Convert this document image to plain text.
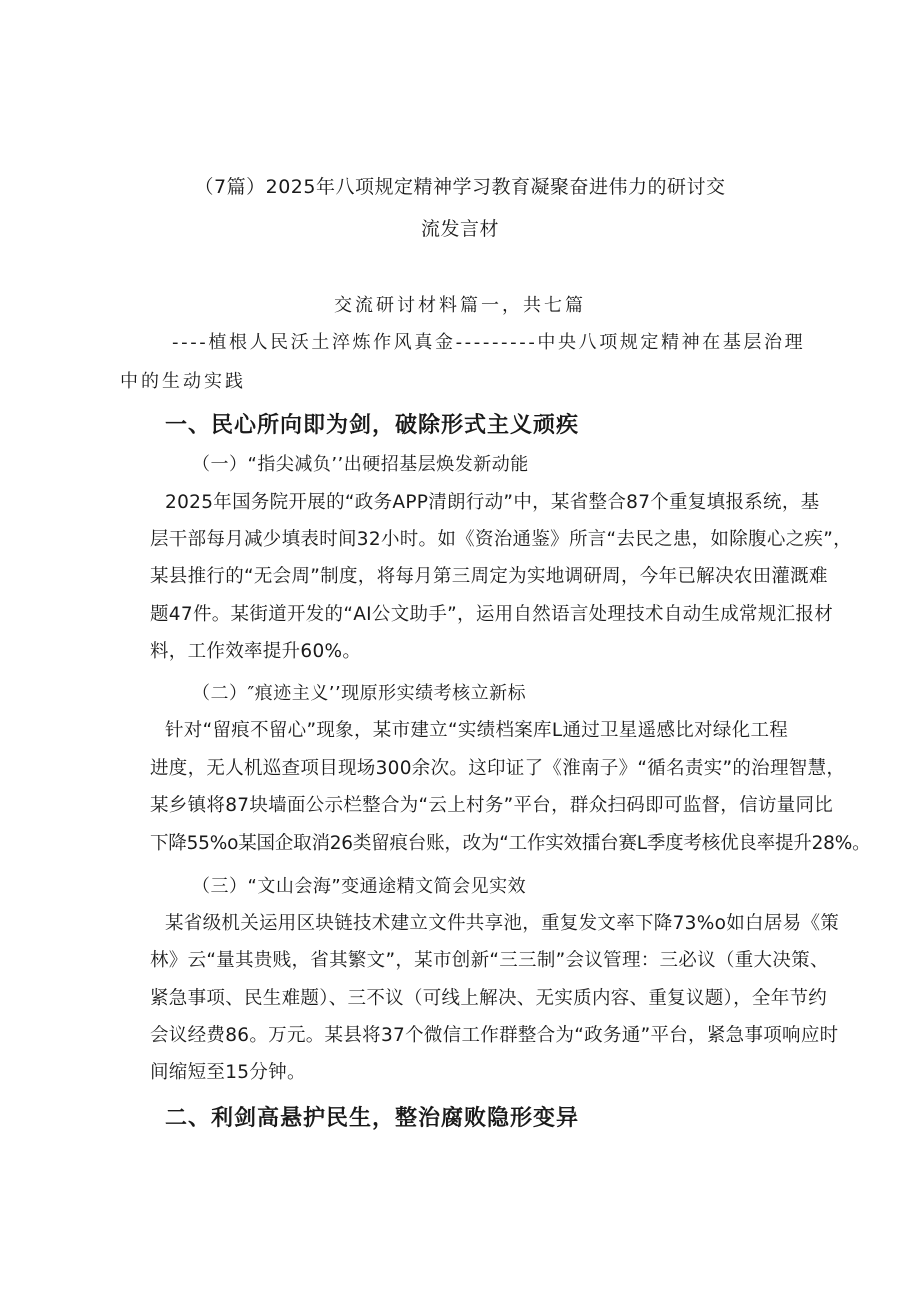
（7篇）2025年八项规定精神学习教育凝聚奋进伟力的研讨交
流发言材
交流研讨材料篇一，共七篇
----植根人民沃土淬炼作风真金---------中央八项规定精神在基层治理
中的生动实践
一、民心所向即为剑，破除形式主义顽疾
（一）“指尖减负’’出硬招基层焕发新动能
2025年国务院开展的“政务APP清朗行动”中，某省整合87个重复填报系统，基
层干部每月减少填表时间32小时。如《资治通鉴》所言“去民之患，如除腹心之疾”，
某县推行的“无会周”制度，将每月第三周定为实地调研周，今年已解决农田灌溉难
题47件。某街道开发的“AI公文助手”，运用自然语言处理技术自动生成常规汇报材
料，工作效率提升60%。
（二）″痕迹主义’’现原形实绩考核立新标
针对“留痕不留心”现象，某市建立“实绩档案库L通过卫星遥感比对绿化工程
进度，无人机巡查项目现场300余次。这印证了《淮南子》“循名责实”的治理智慧，
某乡镇将87块墙面公示栏整合为“云上村务”平台，群众扫码即可监督，信访量同比
下降55%o某国企取消26类留痕台账，改为“工作实效擂台赛L季度考核优良率提升28%。
（三）“文山会海”变通途精文简会见实效
某省级机关运用区块链技术建立文件共享池，重复发文率下降73%o如白居易《策
林》云“量其贵贱，省其繁文”，某市创新“三三制”会议管理：三必议（重大决策、
紧急事项、民生难题）、三不议（可线上解决、无实质内容、重复议题），全年节约
会议经费86。万元。某县将37个微信工作群整合为“政务通”平台，紧急事项响应时
间缩短至15分钟。
二、利剑高悬护民生，整治腐败隐形变异
